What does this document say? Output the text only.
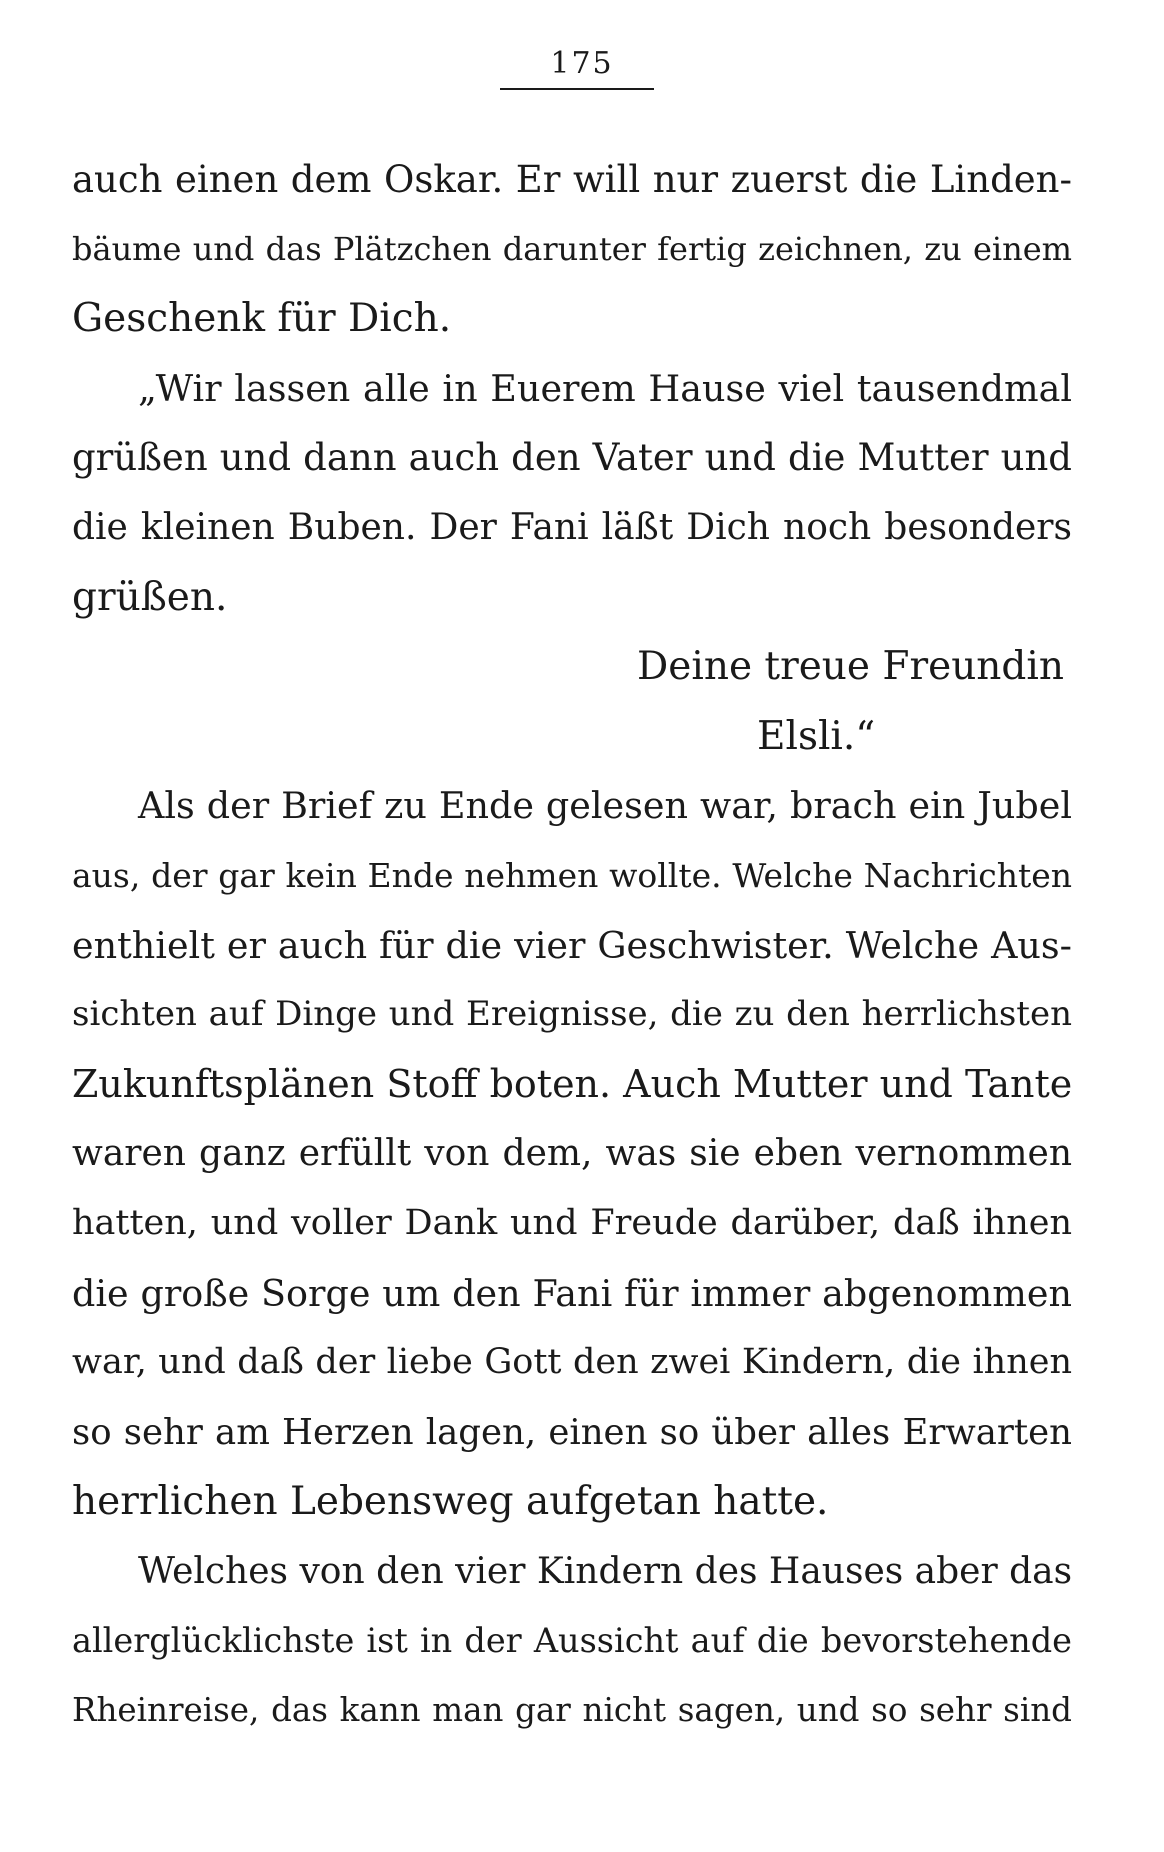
175
auch einen dem Oskar. Er will nur zuerst die Linden-
bäume und das Plätzchen darunter fertig zeichnen, zu einem
Geschenk für Dich.
„Wir lassen alle in Euerem Hause viel tausendmal
grüßen und dann auch den Vater und die Mutter und
die kleinen Buben. Der Fani läßt Dich noch besonders
grüßen.
Deine treue Freundin
Elsli.“
Als der Brief zu Ende gelesen war, brach ein Jubel
aus, der gar kein Ende nehmen wollte. Welche Nachrichten
enthielt er auch für die vier Geschwister. Welche Aus-
sichten auf Dinge und Ereignisse, die zu den herrlichsten
Zukunftsplänen Stoff boten. Auch Mutter und Tante
waren ganz erfüllt von dem, was sie eben vernommen
hatten, und voller Dank und Freude darüber, daß ihnen
die große Sorge um den Fani für immer abgenommen
war, und daß der liebe Gott den zwei Kindern, die ihnen
so sehr am Herzen lagen, einen so über alles Erwarten
herrlichen Lebensweg aufgetan hatte.
Welches von den vier Kindern des Hauses aber das
allerglücklichste ist in der Aussicht auf die bevorstehende
Rheinreise, das kann man gar nicht sagen, und so sehr sind
